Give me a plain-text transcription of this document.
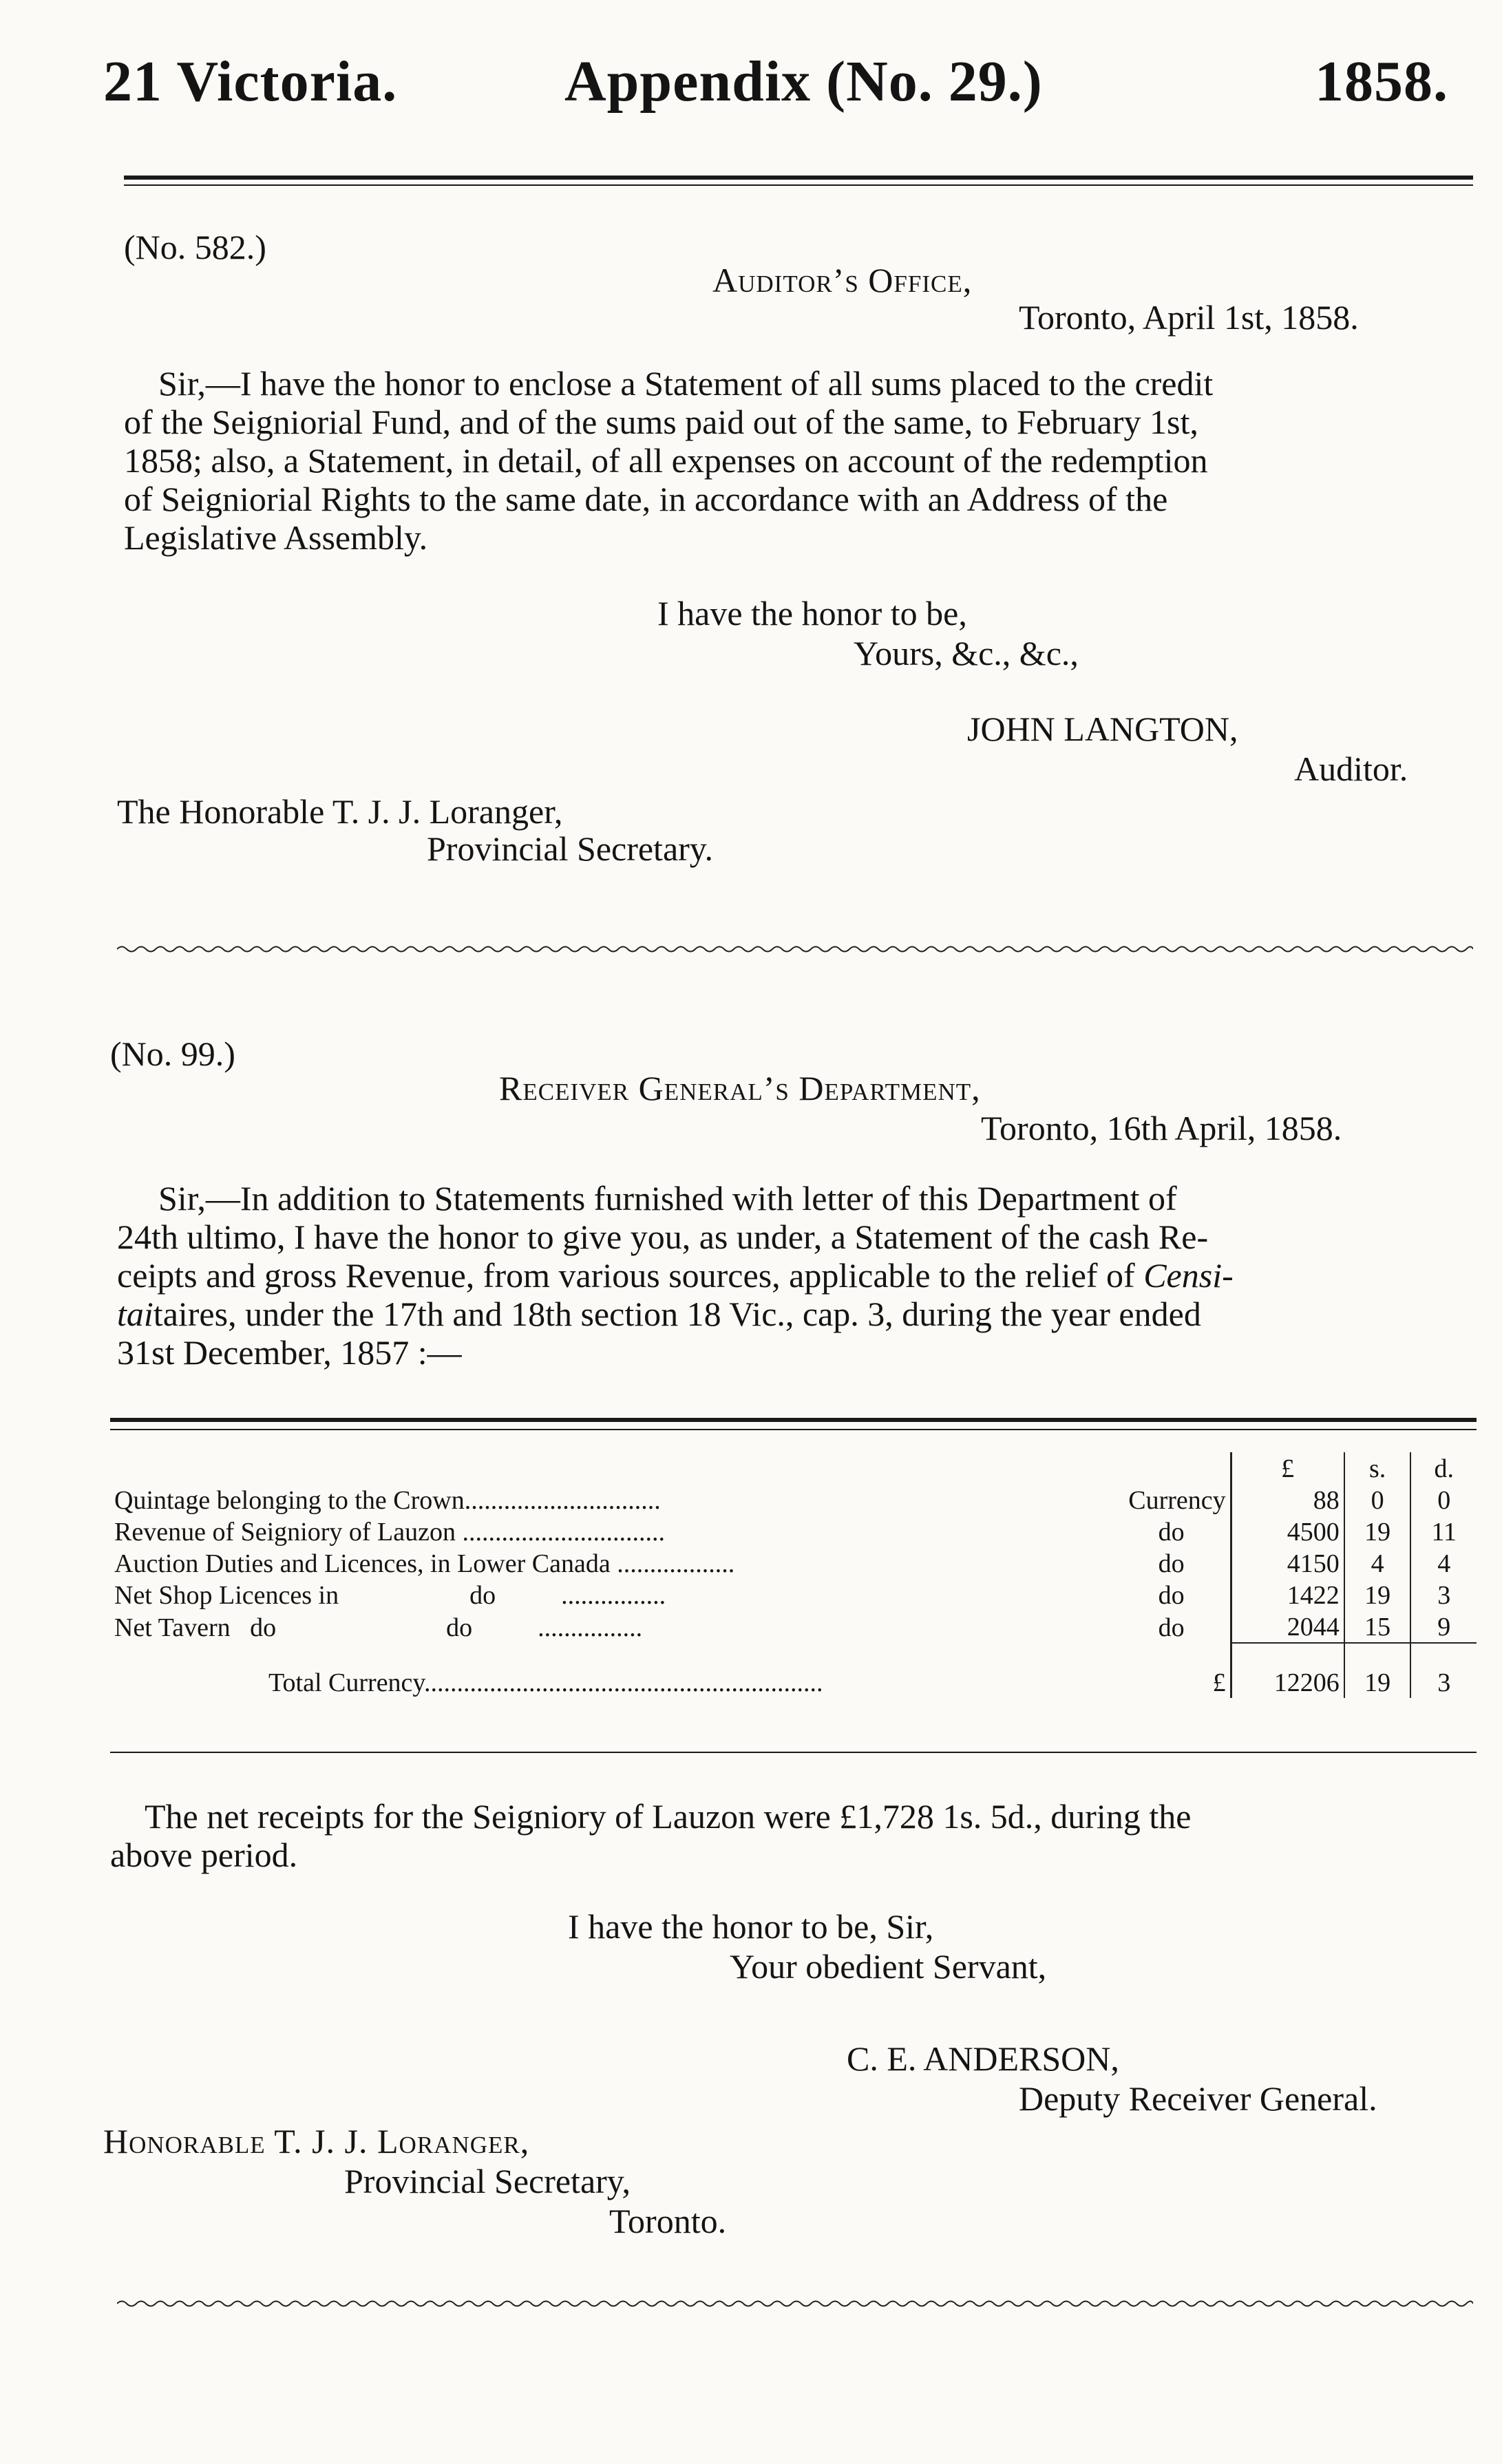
21 Victoria.	Appendix (No. 29.)	1858.
(No. 582.)
Auditor’s Office,
Toronto, April 1st, 1858.
Sir,—I have the honor to enclose a Statement of all sums placed to the credit
of the Seigniorial Fund, and of the sums paid out of the same, to February 1st,
1858; also, a Statement, in detail, of all expenses on account of the redemption
of Seigniorial Rights to the same date, in accordance with an Address of the
Legislative Assembly.
I have the honor to be,
Yours, &c., &c.,
JOHN LANGTON,
Auditor.
The Honorable T. J. J. Loranger,
Provincial Secretary.
(No. 99.)
Receiver General’s Department,
Toronto, 16th April, 1858.
Sir,—In addition to Statements furnished with letter of this Department of
24th ultimo, I have the honor to give you, as under, a Statement of the cash Re-
ceipts and gross Revenue, from various sources, applicable to the relief of Censi-
taitaires, under the 17th and 18th section 18 Vic., cap. 3, during the year ended
31st December, 1857 :—
	£	s.	d.
Quintage belonging to the Crown.............................. Currency	88	0	0
Revenue of Seigniory of Lauzon ............................... do	4500	19	11
Auction Duties and Licences, in Lower Canada .................. do	4150	4	4
Net Shop Licences in                    do          ................ do	1422	19	3
Net Tavern   do                          do          ................ do	2044	15	9
Total Currency............................................................. £	12206	19	3
The net receipts for the Seigniory of Lauzon were £1,728 1s. 5d., during the
above period.
I have the honor to be, Sir,
Your obedient Servant,
C. E. ANDERSON,
Deputy Receiver General.
Honorable T. J. J. Loranger,
Provincial Secretary,
Toronto.
